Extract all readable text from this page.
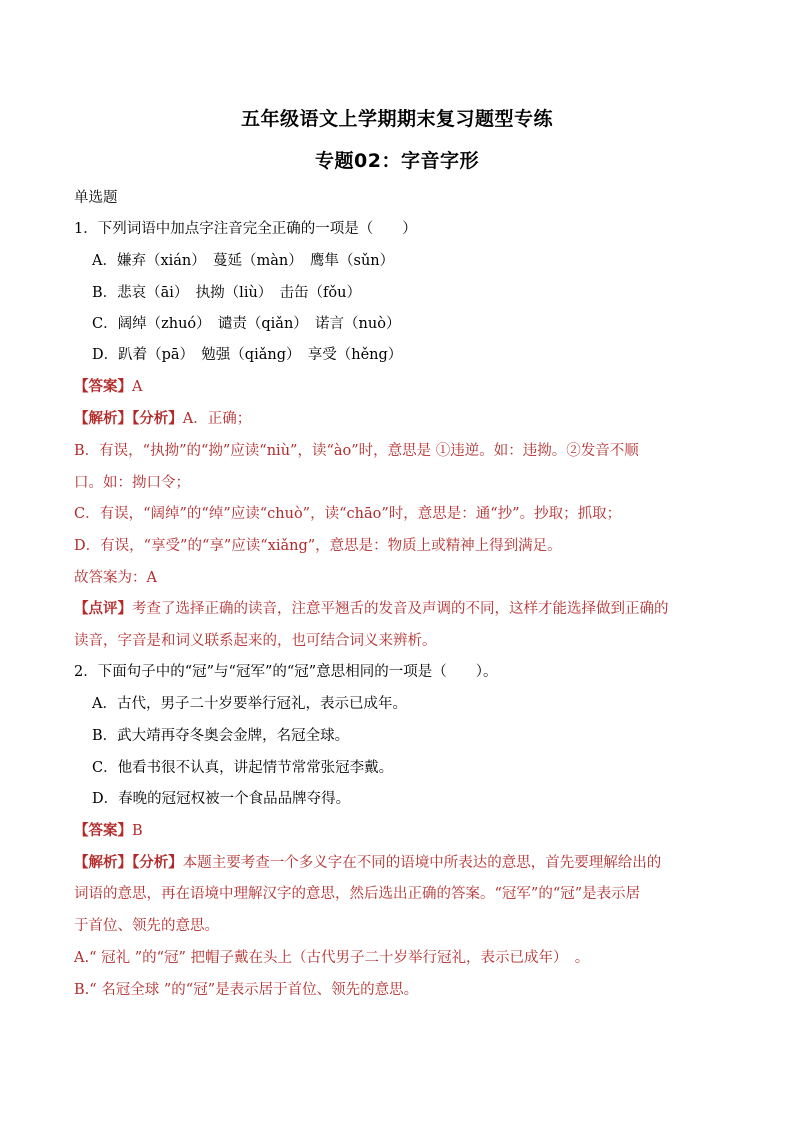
五年级语文上学期期末复习题型专练
专题02：字音字形
单选题
1．下列词语中加点字注音完全正确的一项是（　　）
A．嫌弃（xián）　蔓延（màn）　鹰隼（sǔn）
B．悲哀（āi）　执拗（liù）　击缶（fǒu）
C．阔绰（zhuó）　谴责（qiǎn）　诺言（nuò）
D．趴着（pā）　勉强（qiǎng）　享受（hěng）
【答案】A
【解析】【分析】A．正确；
B．有误，“执拗”的“拗”应读“niù”，读“ào”时，意思是 ①违逆。如：违拗。②发音不顺
口。如：拗口令；
C．有误，“阔绰”的“绰”应读“chuò”，读“chāo”时，意思是：通“抄”。抄取；抓取；
D．有误，“享受”的“享”应读“xiǎng”，意思是：物质上或精神上得到满足。
故答案为：A
【点评】考查了选择正确的读音，注意平翘舌的发音及声调的不同，这样才能选择做到正确的
读音，字音是和词义联系起来的，也可结合词义来辨析。
2．下面句子中的“冠”与“冠军”的“冠”意思相同的一项是（　　）。
A．古代，男子二十岁要举行冠礼，表示已成年。
B．武大靖再夺冬奥会金牌，名冠全球。
C．他看书很不认真，讲起情节常常张冠李戴。
D．春晚的冠冠权被一个食品品牌夺得。
【答案】B
【解析】【分析】本题主要考查一个多义字在不同的语境中所表达的意思，首先要理解给出的
词语的意思，再在语境中理解汉字的意思，然后选出正确的答案。“冠军”的“冠”是表示居
于首位、领先的意思。
A.“ 冠礼 ”的“冠” 把帽子戴在头上（古代男子二十岁举行冠礼，表示已成年）　。
B.“ 名冠全球 ”的“冠”是表示居于首位、领先的意思。
